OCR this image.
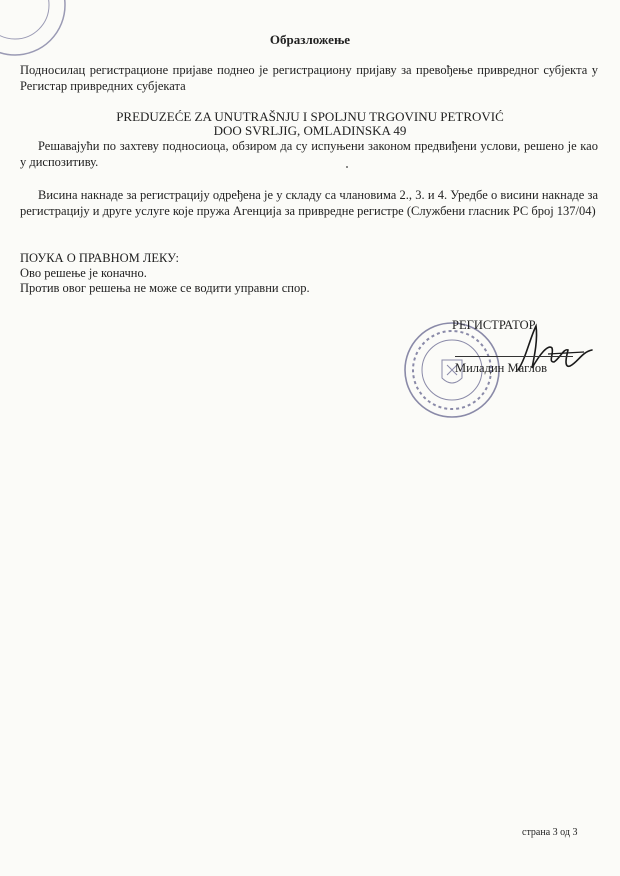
Образложење
Подносилац регистрационе пријаве поднео је регистрациону пријаву за превођење привредног субјекта у Регистар привредних субјеката
PREDUZEĆE ZA UNUTRAŠNJU I SPOLJNU TRGOVINU PETROVIĆ
DOO SVRLJIG, OMLADINSKA 49
Решавајући по захтеву подносиоца, обзиром да су испуњени законом предвиђени услови, решено је као у диспозитиву.
Висина накнаде за регистрацију одређена је у складу са члановима 2., 3. и 4. Уредбе о висини накнаде за регистрацију и друге услуге које пружа Агенција за привредне регистре (Службени гласник РС број 137/04)
ПОУКА О ПРАВНОМ ЛЕКУ:
Ово решење је коначно.
Против овог решења не може се водити управни спор.
РЕГИСТРАТОР
Миладин Маглов
страна 3 од 3
